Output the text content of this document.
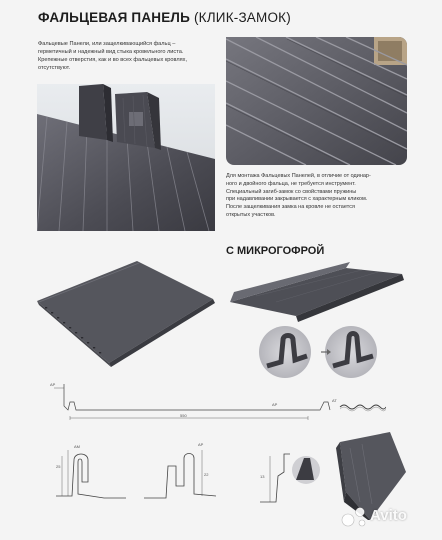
ФАЛЬЦЕВАЯ ПАНЕЛЬ (КЛИК-ЗАМОК)

Фальцевые Панели, или защелкивающийся фальц –

герметичный и надежный вид стыка кровельного листа.

Крепежные отверстия, как и во всех фальцевых кровлях,

отсутствуют.

Для монтажа Фальцевых Панелей, в отличие от одинар-

ного и двойного фальца, не требуется инструмент.

Специальный загиб-замок со свойствами пружины

при надавливании закрывается с характерным кликом.

После защелкивания замка на кровле не остается

открытых участков.

С МИКРОГОФРОЙ
AP
550
AP
AT
25
AM
22
AP
13
Avito
